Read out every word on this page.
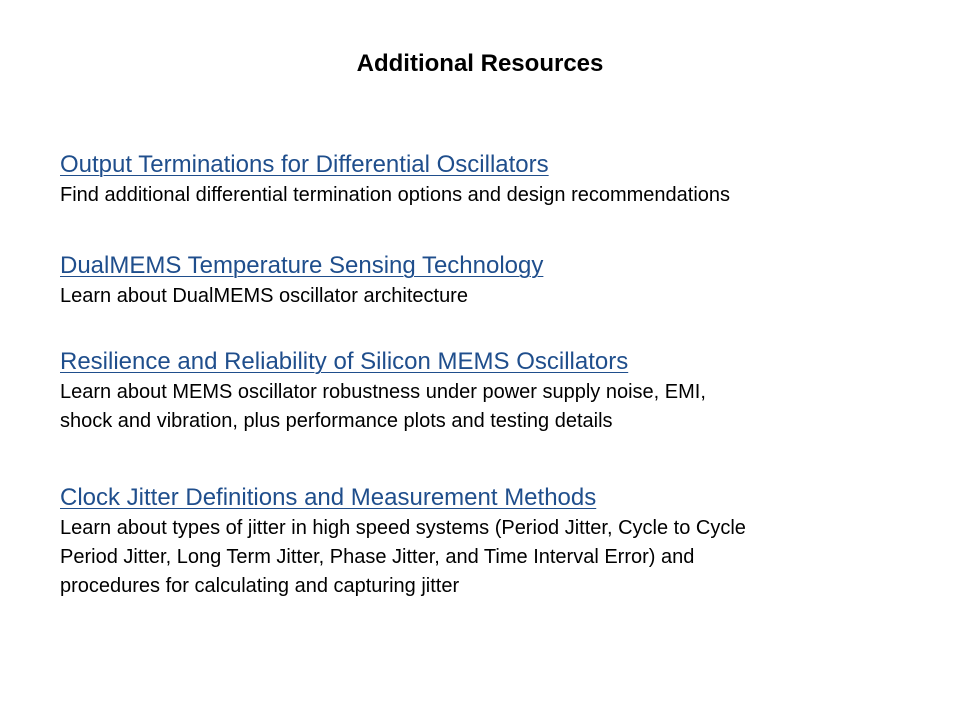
Additional Resources
Output Terminations for Differential Oscillators
Find additional differential termination options and design recommendations
DualMEMS Temperature Sensing Technology
Learn about DualMEMS oscillator architecture
Resilience and Reliability of Silicon MEMS Oscillators
Learn about MEMS oscillator robustness under power supply noise, EMI,
shock and vibration, plus performance plots and testing details
Clock Jitter Definitions and Measurement Methods
Learn about types of jitter in high speed systems (Period Jitter, Cycle to Cycle
Period Jitter, Long Term Jitter, Phase Jitter, and Time Interval Error) and
procedures for calculating and capturing jitter
